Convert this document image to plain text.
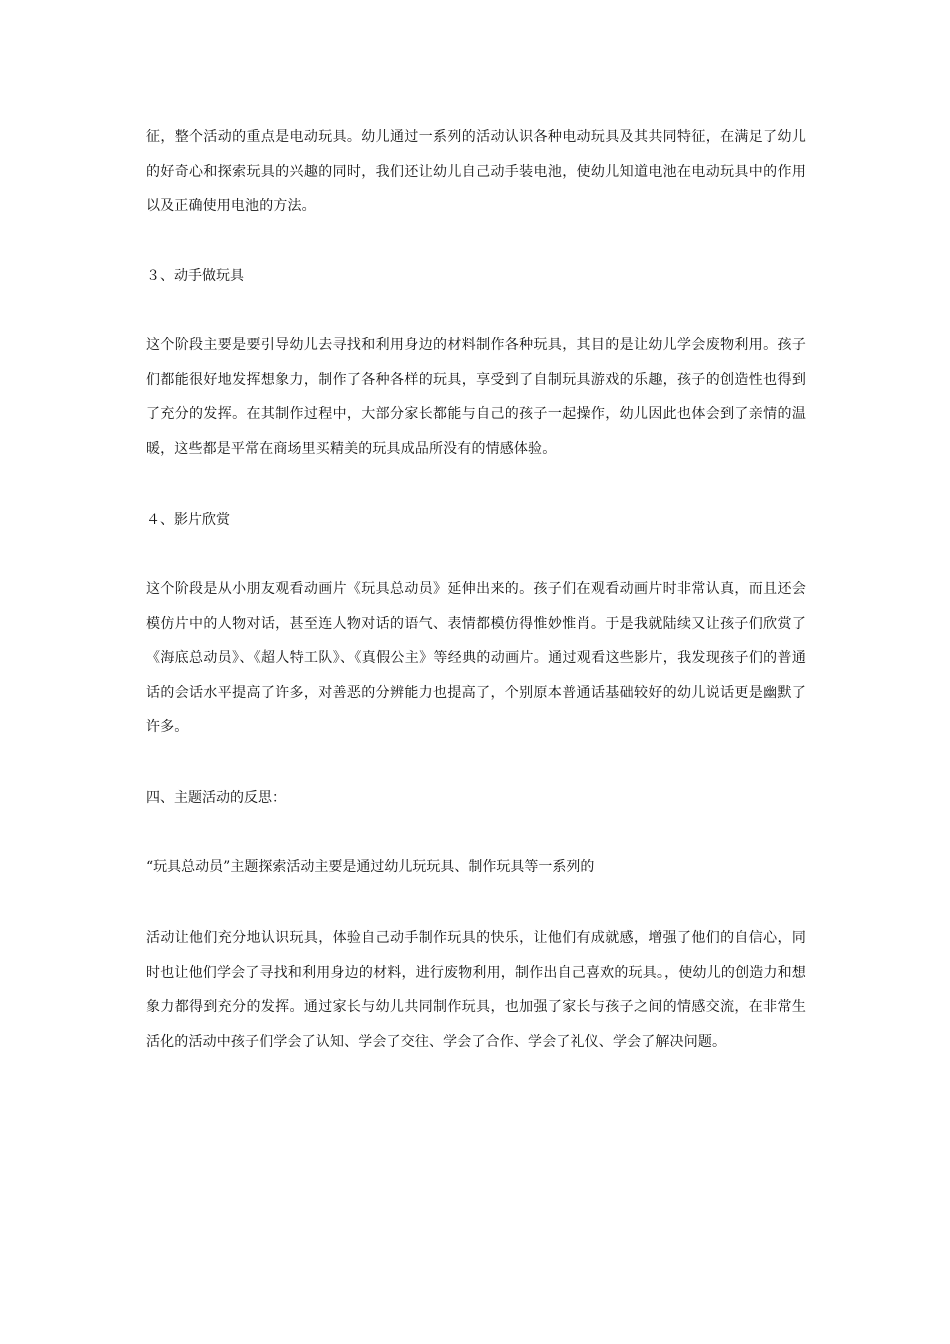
征，整个活动的重点是电动玩具。幼儿通过一系列的活动认识各种电动玩具及其共同特征，在满足了幼儿的好奇心和探索玩具的兴趣的同时，我们还让幼儿自己动手装电池，使幼儿知道电池在电动玩具中的作用以及正确使用电池的方法。

３、动手做玩具

这个阶段主要是要引导幼儿去寻找和利用身边的材料制作各种玩具，其目的是让幼儿学会废物利用。孩子们都能很好地发挥想象力，制作了各种各样的玩具，享受到了自制玩具游戏的乐趣，孩子的创造性也得到了充分的发挥。在其制作过程中，大部分家长都能与自己的孩子一起操作，幼儿因此也体会到了亲情的温暖，这些都是平常在商场里买精美的玩具成品所没有的情感体验。

４、影片欣赏

这个阶段是从小朋友观看动画片《玩具总动员》延伸出来的。孩子们在观看动画片时非常认真，而且还会模仿片中的人物对话，甚至连人物对话的语气、表情都模仿得惟妙惟肖。于是我就陆续又让孩子们欣赏了《海底总动员》、《超人特工队》、《真假公主》等经典的动画片。通过观看这些影片，我发现孩子们的普通话的会话水平提高了许多，对善恶的分辨能力也提高了，个别原本普通话基础较好的幼儿说话更是幽默了许多。

四、主题活动的反思：

“玩具总动员”主题探索活动主要是通过幼儿玩玩具、制作玩具等一系列的

活动让他们充分地认识玩具，体验自己动手制作玩具的快乐，让他们有成就感，增强了他们的自信心，同时也让他们学会了寻找和利用身边的材料，进行废物利用，制作出自己喜欢的玩具。，使幼儿的创造力和想象力都得到充分的发挥。通过家长与幼儿共同制作玩具，也加强了家长与孩子之间的情感交流，在非常生活化的活动中孩子们学会了认知、学会了交往、学会了合作、学会了礼仪、学会了解决问题。
